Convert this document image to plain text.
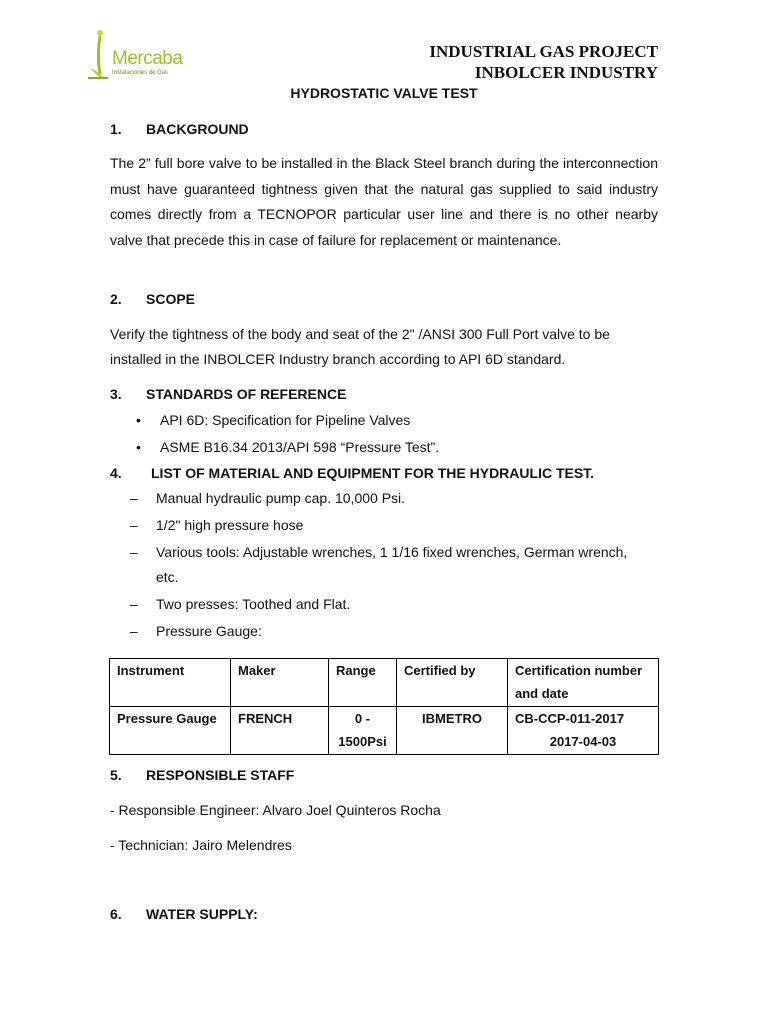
Mercaba
Instalaciones de Gas
INDUSTRIAL GAS PROJECT
INBOLCER INDUSTRY
HYDROSTATIC VALVE TEST
1. BACKGROUND
The 2” full bore valve to be installed in the Black Steel branch during the interconnection must have guaranteed tightness given that the natural gas supplied to said industry comes directly from a TECNOPOR particular user line and there is no other nearby valve that precede this in case of failure for replacement or maintenance.
2. SCOPE
Verify the tightness of the body and seat of the 2" /ANSI 300 Full Port valve to be installed in the INBOLCER Industry branch according to API 6D standard.
3. STANDARDS OF REFERENCE
• API 6D: Specification for Pipeline Valves
• ASME B16.34 2013/API 598 “Pressure Test”.
4. LIST OF MATERIAL AND EQUIPMENT FOR THE HYDRAULIC TEST.
–	Manual hydraulic pump cap. 10,000 Psi.
–	1/2" high pressure hose
–	Various tools: Adjustable wrenches, 1 1/16 fixed wrenches, German wrench, etc.
–	Two presses: Toothed and Flat.
–	Pressure Gauge:
Instrument	Maker	Range	Certified by	Certification number and date
Pressure Gauge	FRENCH	0 - 1500Psi	IBMETRO	CB-CCP-011-2017
2017-04-03
5. RESPONSIBLE STAFF
- Responsible Engineer: Alvaro Joel Quinteros Rocha
- Technician: Jairo Melendres
6. WATER SUPPLY:
